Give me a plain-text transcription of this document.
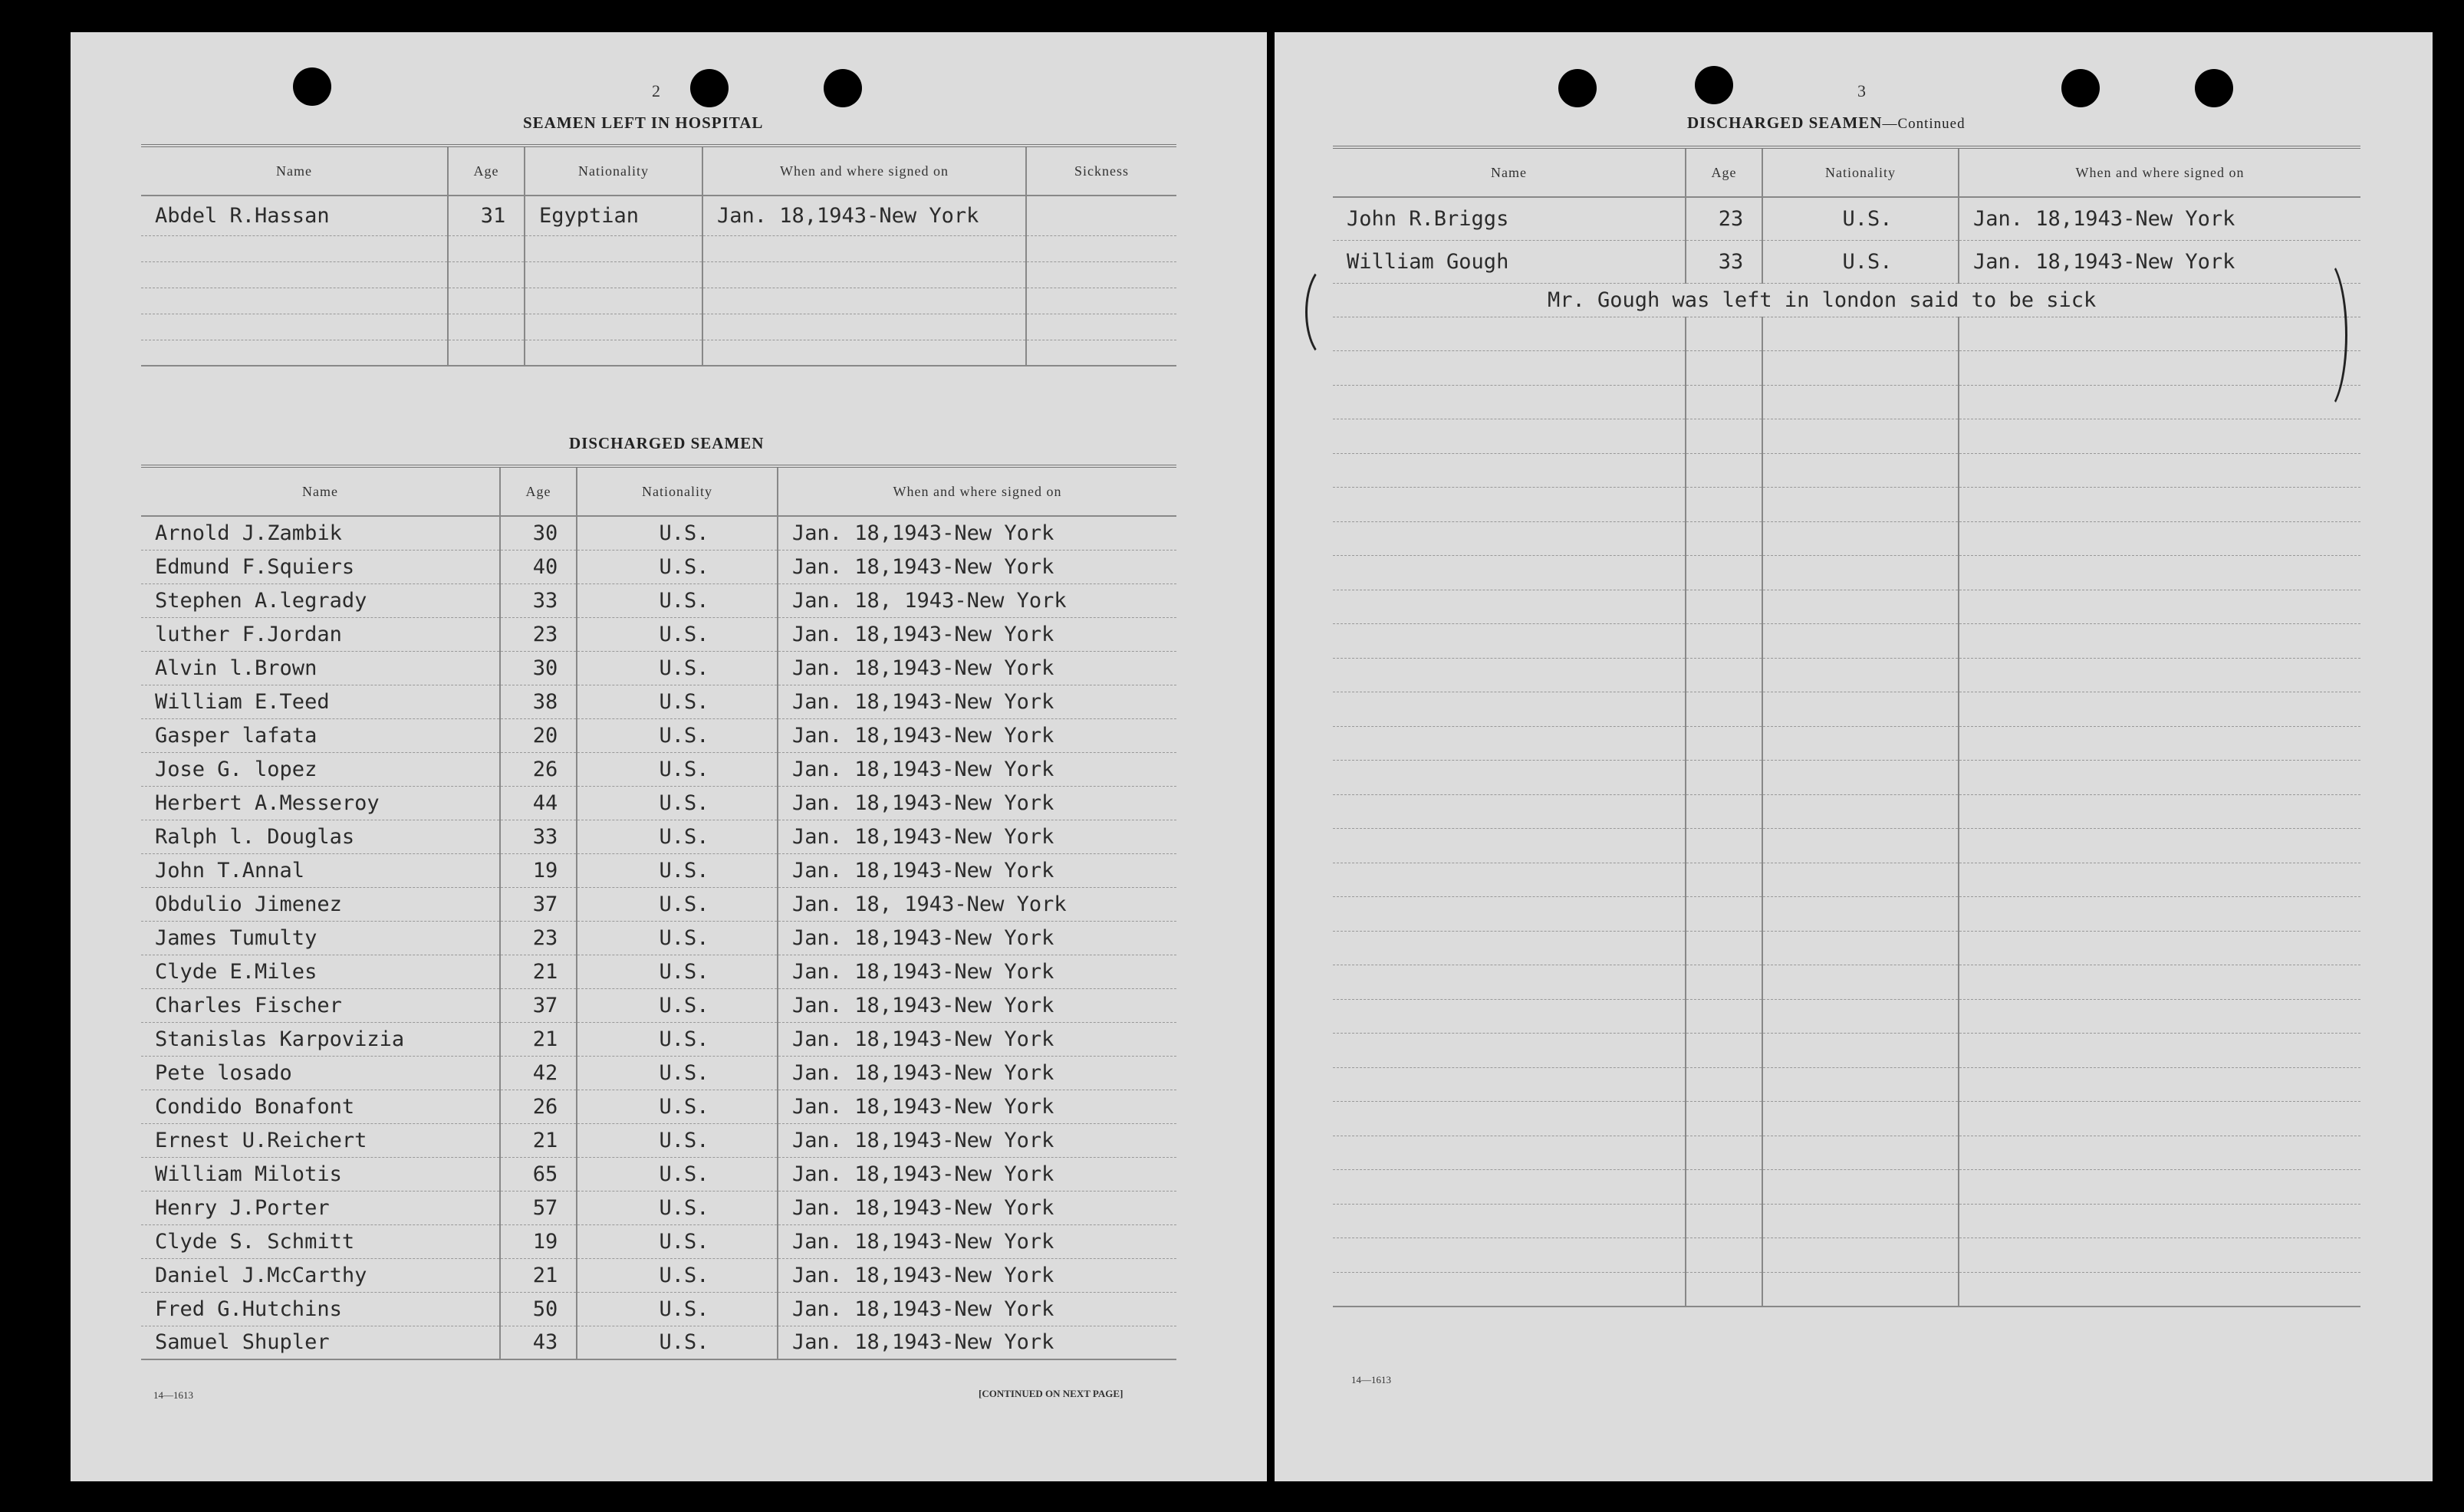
2
SEAMEN LEFT IN HOSPITAL
Name	Age	Nationality	When and where signed on	Sickness
Abdel R.Hassan	31	Egyptian	Jan. 18,1943-New York	

DISCHARGED SEAMEN
Name	Age	Nationality	When and where signed on
Arnold J.Zambik	30	U.S.	Jan. 18,1943-New York
Edmund F.Squiers	40	U.S.	Jan. 18,1943-New York
Stephen A.legrady	33	U.S.	Jan. 18, 1943-New York
luther F.Jordan	23	U.S.	Jan. 18,1943-New York
Alvin l.Brown	30	U.S.	Jan. 18,1943-New York
William E.Teed	38	U.S.	Jan. 18,1943-New York
Gasper lafata	20	U.S.	Jan. 18,1943-New York
Jose G. lopez	26	U.S.	Jan. 18,1943-New York
Herbert A.Messeroy	44	U.S.	Jan. 18,1943-New York
Ralph l. Douglas	33	U.S.	Jan. 18,1943-New York
John T.Annal	19	U.S.	Jan. 18,1943-New York
Obdulio Jimenez	37	U.S.	Jan. 18, 1943-New York
James Tumulty	23	U.S.	Jan. 18,1943-New York
Clyde E.Miles	21	U.S.	Jan. 18,1943-New York
Charles Fischer	37	U.S.	Jan. 18,1943-New York
Stanislas Karpovizia	21	U.S.	Jan. 18,1943-New York
Pete losado	42	U.S.	Jan. 18,1943-New York
Condido Bonafont	26	U.S.	Jan. 18,1943-New York
Ernest U.Reichert	21	U.S.	Jan. 18,1943-New York
William Milotis	65	U.S.	Jan. 18,1943-New York
Henry J.Porter	57	U.S.	Jan. 18,1943-New York
Clyde S. Schmitt	19	U.S.	Jan. 18,1943-New York
Daniel J.McCarthy	21	U.S.	Jan. 18,1943-New York
Fred G.Hutchins	50	U.S.	Jan. 18,1943-New York
Samuel Shupler	43	U.S.	Jan. 18,1943-New York
14—1613	[CONTINUED ON NEXT PAGE]
3
DISCHARGED SEAMEN—Continued
Name	Age	Nationality	When and where signed on
John R.Briggs	23	U.S.	Jan. 18,1943-New York
William Gough	33	U.S.	Jan. 18,1943-New York
Mr. Gough was left in london said to be sick			

14—1613
